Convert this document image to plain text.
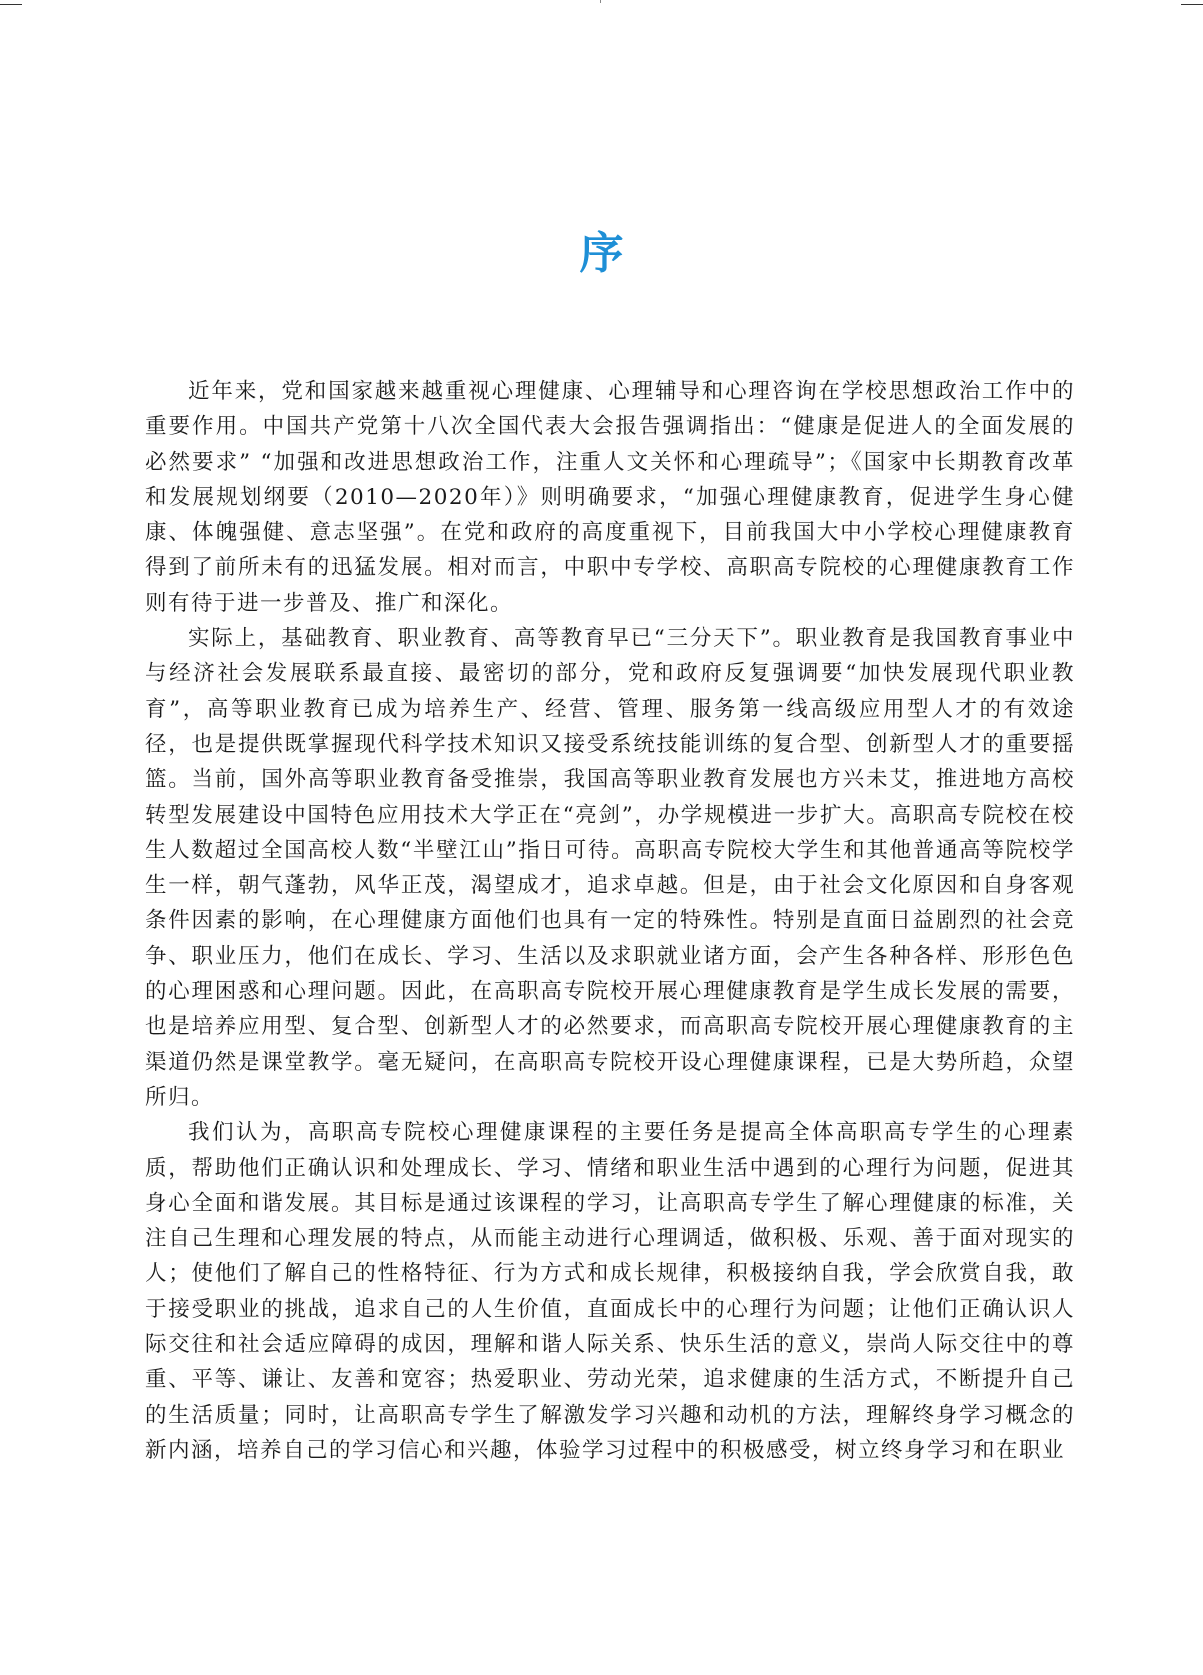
序

近年来，党和国家越来越重视心理健康、心理辅导和心理咨询在学校思想政治工作中的重要作用。中国共产党第十八次全国代表大会报告强调指出：“健康是促进人的全面发展的必然要求” “加强和改进思想政治工作，注重人文关怀和心理疏导”；《国家中长期教育改革和发展规划纲要（2010—2020年）》则明确要求，“加强心理健康教育，促进学生身心健康、体魄强健、意志坚强”。在党和政府的高度重视下，目前我国大中小学校心理健康教育得到了前所未有的迅猛发展。相对而言，中职中专学校、高职高专院校的心理健康教育工作则有待于进一步普及、推广和深化。

实际上，基础教育、职业教育、高等教育早已“三分天下”。职业教育是我国教育事业中与经济社会发展联系最直接、最密切的部分，党和政府反复强调要“加快发展现代职业教育”，高等职业教育已成为培养生产、经营、管理、服务第一线高级应用型人才的有效途径，也是提供既掌握现代科学技术知识又接受系统技能训练的复合型、创新型人才的重要摇篮。当前，国外高等职业教育备受推崇，我国高等职业教育发展也方兴未艾，推进地方高校转型发展建设中国特色应用技术大学正在“亮剑”，办学规模进一步扩大。高职高专院校在校生人数超过全国高校人数“半壁江山”指日可待。高职高专院校大学生和其他普通高等院校学生一样，朝气蓬勃，风华正茂，渴望成才，追求卓越。但是，由于社会文化原因和自身客观条件因素的影响，在心理健康方面他们也具有一定的特殊性。特别是直面日益剧烈的社会竞争、职业压力，他们在成长、学习、生活以及求职就业诸方面，会产生各种各样、形形色色的心理困惑和心理问题。因此，在高职高专院校开展心理健康教育是学生成长发展的需要，也是培养应用型、复合型、创新型人才的必然要求，而高职高专院校开展心理健康教育的主渠道仍然是课堂教学。毫无疑问，在高职高专院校开设心理健康课程，已是大势所趋，众望所归。

我们认为，高职高专院校心理健康课程的主要任务是提高全体高职高专学生的心理素质，帮助他们正确认识和处理成长、学习、情绪和职业生活中遇到的心理行为问题，促进其身心全面和谐发展。其目标是通过该课程的学习，让高职高专学生了解心理健康的标准，关注自己生理和心理发展的特点，从而能主动进行心理调适，做积极、乐观、善于面对现实的人；使他们了解自己的性格特征、行为方式和成长规律，积极接纳自我，学会欣赏自我，敢于接受职业的挑战，追求自己的人生价值，直面成长中的心理行为问题；让他们正确认识人际交往和社会适应障碍的成因，理解和谐人际关系、快乐生活的意义，崇尚人际交往中的尊重、平等、谦让、友善和宽容；热爱职业、劳动光荣，追求健康的生活方式，不断提升自己的生活质量；同时，让高职高专学生了解激发学习兴趣和动机的方法，理解终身学习概念的新内涵，培养自己的学习信心和兴趣，体验学习过程中的积极感受，树立终身学习和在职业
